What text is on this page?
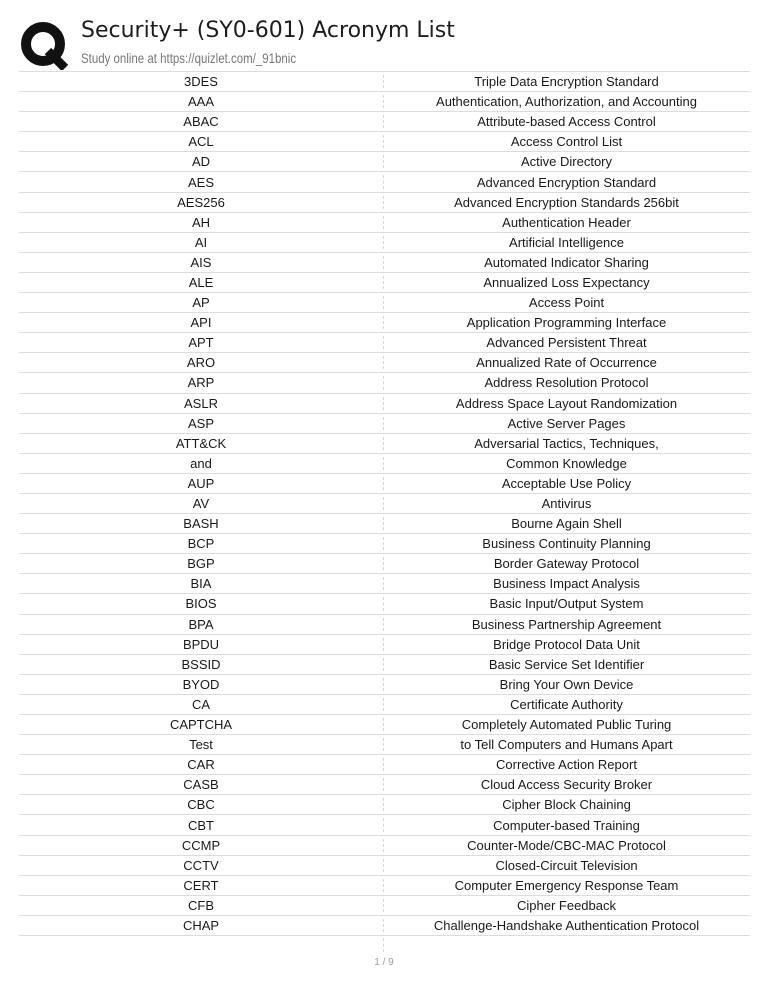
Security+ (SY0-601) Acronym List
Study online at https://quizlet.com/_91bnic
3DES	Triple Data Encryption Standard
AAA	Authentication, Authorization, and Accounting
ABAC	Attribute-based Access Control
ACL	Access Control List
AD	Active Directory
AES	Advanced Encryption Standard
AES256	Advanced Encryption Standards 256bit
AH	Authentication Header
AI	Artificial Intelligence
AIS	Automated Indicator Sharing
ALE	Annualized Loss Expectancy
AP	Access Point
API	Application Programming Interface
APT	Advanced Persistent Threat
ARO	Annualized Rate of Occurrence
ARP	Address Resolution Protocol
ASLR	Address Space Layout Randomization
ASP	Active Server Pages
ATT&CK	Adversarial Tactics, Techniques,
and	Common Knowledge
AUP	Acceptable Use Policy
AV	Antivirus
BASH	Bourne Again Shell
BCP	Business Continuity Planning
BGP	Border Gateway Protocol
BIA	Business Impact Analysis
BIOS	Basic Input/Output System
BPA	Business Partnership Agreement
BPDU	Bridge Protocol Data Unit
BSSID	Basic Service Set Identifier
BYOD	Bring Your Own Device
CA	Certificate Authority
CAPTCHA	Completely Automated Public Turing
Test	to Tell Computers and Humans Apart
CAR	Corrective Action Report
CASB	Cloud Access Security Broker
CBC	Cipher Block Chaining
CBT	Computer-based Training
CCMP	Counter-Mode/CBC-MAC Protocol
CCTV	Closed-Circuit Television
CERT	Computer Emergency Response Team
CFB	Cipher Feedback
CHAP	Challenge-Handshake Authentication Protocol
1 / 9
